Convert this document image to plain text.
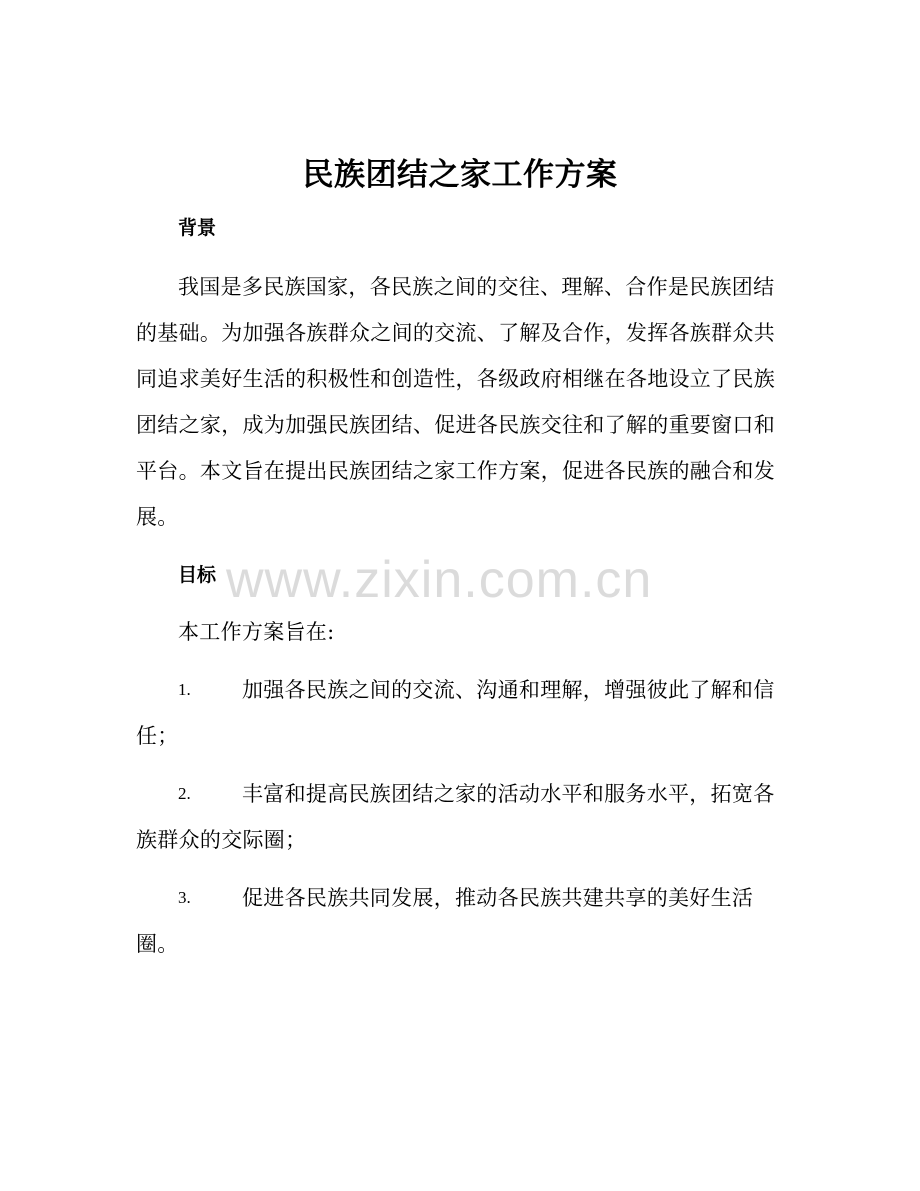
民族团结之家工作方案
背景

我国是多民族国家，各民族之间的交往、理解、合作是民族团结的基础。为加强各族群众之间的交流、了解及合作，发挥各族群众共同追求美好生活的积极性和创造性，各级政府相继在各地设立了民族团结之家，成为加强民族团结、促进各民族交往和了解的重要窗口和平台。本文旨在提出民族团结之家工作方案，促进各民族的融合和发展。

目标

本工作方案旨在:

1.	加强各民族之间的交流、沟通和理解，增强彼此了解和信任；
2.	丰富和提高民族团结之家的活动水平和服务水平，拓宽各族群众的交际圈；
3.	促进各民族共同发展，推动各民族共建共享的美好生活圈。
www.zixin.com.cn
